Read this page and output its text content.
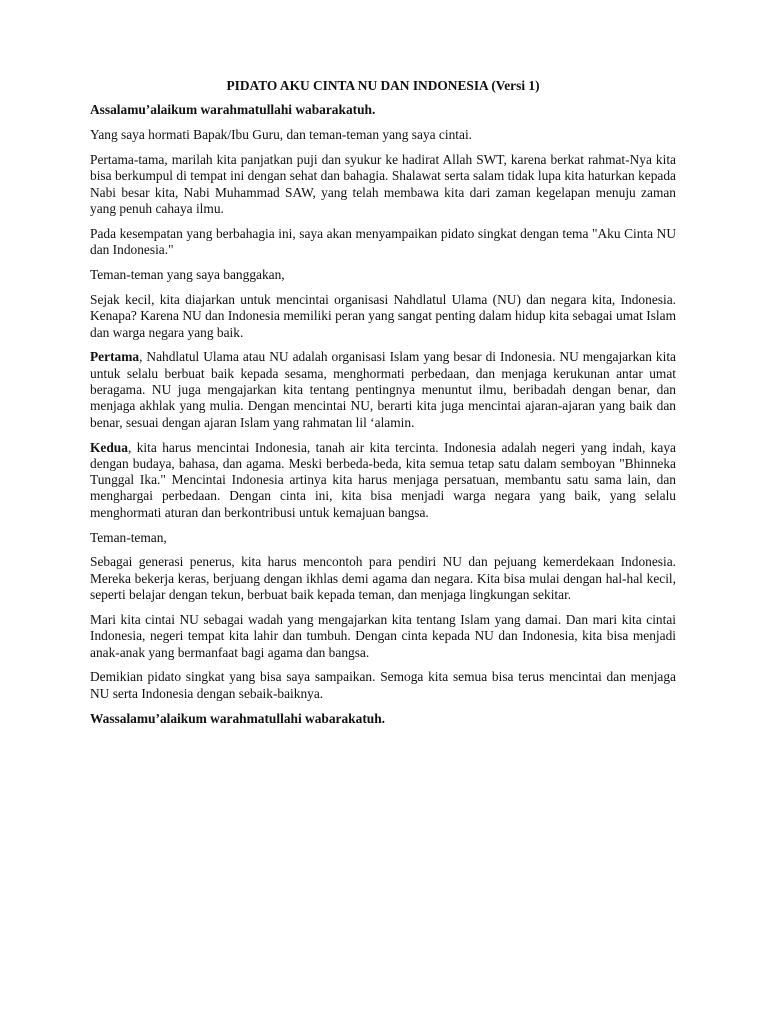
PIDATO AKU CINTA NU DAN INDONESIA (Versi 1)

Assalamu’alaikum warahmatullahi wabarakatuh.

Yang saya hormati Bapak/Ibu Guru, dan teman-teman yang saya cintai.

Pertama-tama, marilah kita panjatkan puji dan syukur ke hadirat Allah SWT, karena berkat rahmat-Nya kita bisa berkumpul di tempat ini dengan sehat dan bahagia. Shalawat serta salam tidak lupa kita haturkan kepada Nabi besar kita, Nabi Muhammad SAW, yang telah membawa kita dari zaman kegelapan menuju zaman yang penuh cahaya ilmu.

Pada kesempatan yang berbahagia ini, saya akan menyampaikan pidato singkat dengan tema "Aku Cinta NU dan Indonesia."

Teman-teman yang saya banggakan,

Sejak kecil, kita diajarkan untuk mencintai organisasi Nahdlatul Ulama (NU) dan negara kita, Indonesia. Kenapa? Karena NU dan Indonesia memiliki peran yang sangat penting dalam hidup kita sebagai umat Islam dan warga negara yang baik.

Pertama, Nahdlatul Ulama atau NU adalah organisasi Islam yang besar di Indonesia. NU mengajarkan kita untuk selalu berbuat baik kepada sesama, menghormati perbedaan, dan menjaga kerukunan antar umat beragama. NU juga mengajarkan kita tentang pentingnya menuntut ilmu, beribadah dengan benar, dan menjaga akhlak yang mulia. Dengan mencintai NU, berarti kita juga mencintai ajaran-ajaran yang baik dan benar, sesuai dengan ajaran Islam yang rahmatan lil ‘alamin.

Kedua, kita harus mencintai Indonesia, tanah air kita tercinta. Indonesia adalah negeri yang indah, kaya dengan budaya, bahasa, dan agama. Meski berbeda-beda, kita semua tetap satu dalam semboyan "Bhinneka Tunggal Ika." Mencintai Indonesia artinya kita harus menjaga persatuan, membantu satu sama lain, dan menghargai perbedaan. Dengan cinta ini, kita bisa menjadi warga negara yang baik, yang selalu menghormati aturan dan berkontribusi untuk kemajuan bangsa.

Teman-teman,

Sebagai generasi penerus, kita harus mencontoh para pendiri NU dan pejuang kemerdekaan Indonesia. Mereka bekerja keras, berjuang dengan ikhlas demi agama dan negara. Kita bisa mulai dengan hal-hal kecil, seperti belajar dengan tekun, berbuat baik kepada teman, dan menjaga lingkungan sekitar.

Mari kita cintai NU sebagai wadah yang mengajarkan kita tentang Islam yang damai. Dan mari kita cintai Indonesia, negeri tempat kita lahir dan tumbuh. Dengan cinta kepada NU dan Indonesia, kita bisa menjadi anak-anak yang bermanfaat bagi agama dan bangsa.

Demikian pidato singkat yang bisa saya sampaikan. Semoga kita semua bisa terus mencintai dan menjaga NU serta Indonesia dengan sebaik-baiknya.

Wassalamu’alaikum warahmatullahi wabarakatuh.
